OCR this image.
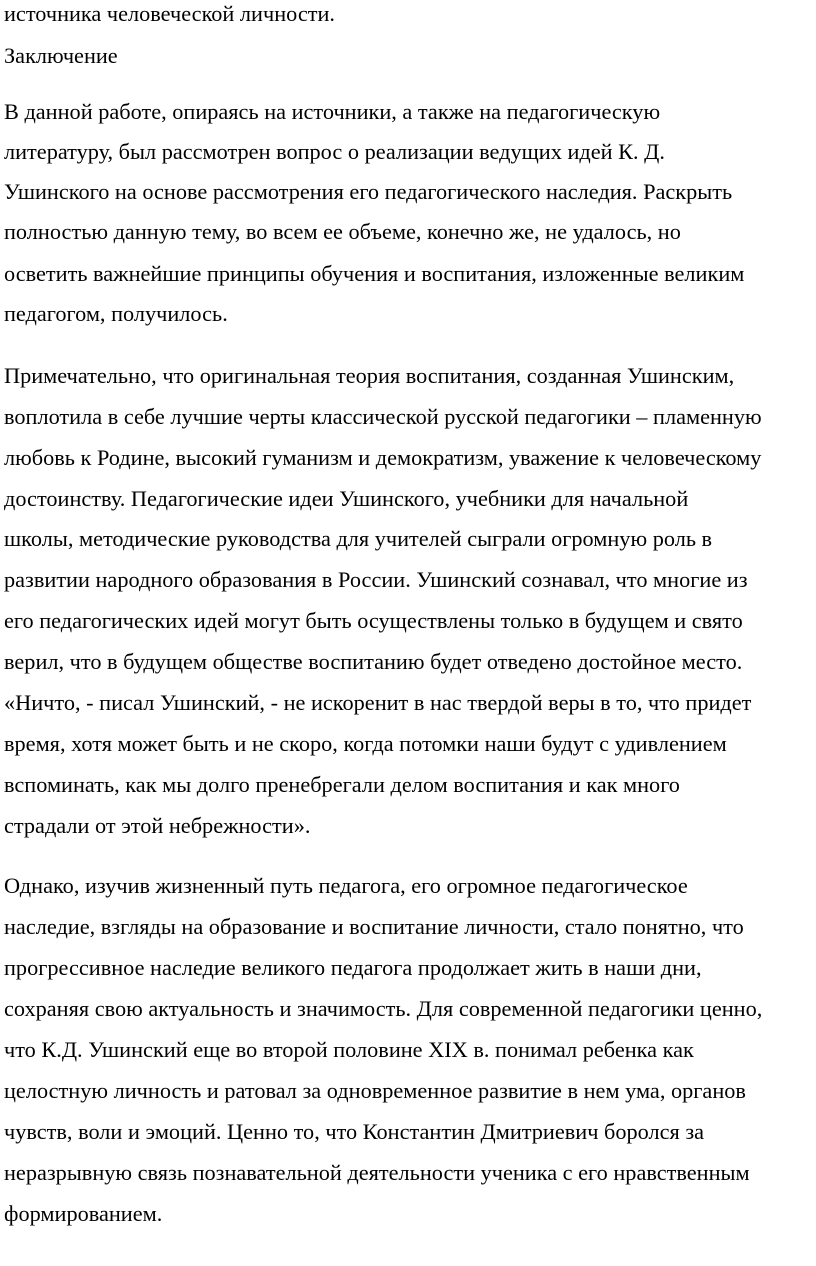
источника человеческой личности.
Заключение
В данной работе, опираясь на источники, а также на педагогическую
литературу, был рассмотрен вопрос о реализации ведущих идей К. Д.
Ушинского на основе рассмотрения его педагогического наследия. Раскрыть
полностью данную тему, во всем ее объеме, конечно же, не удалось, но
осветить важнейшие принципы обучения и воспитания, изложенные великим
педагогом, получилось.
Примечательно, что оригинальная теория воспитания, созданная Ушинским,
воплотила в себе лучшие черты классической русской педагогики – пламенную
любовь к Родине, высокий гуманизм и демократизм, уважение к человеческому
достоинству. Педагогические идеи Ушинского, учебники для начальной
школы, методические руководства для учителей сыграли огромную роль в
развитии народного образования в России. Ушинский сознавал, что многие из
его педагогических идей могут быть осуществлены только в будущем и свято
верил, что в будущем обществе воспитанию будет отведено достойное место.
«Ничто, - писал Ушинский, - не искоренит в нас твердой веры в то, что придет
время, хотя может быть и не скоро, когда потомки наши будут с удивлением
вспоминать, как мы долго пренебрегали делом воспитания и как много
страдали от этой небрежности».
Однако, изучив жизненный путь педагога, его огромное педагогическое
наследие, взгляды на образование и воспитание личности, стало понятно, что
прогрессивное наследие великого педагога продолжает жить в наши дни,
сохраняя свою актуальность и значимость. Для современной педагогики ценно,
что К.Д. Ушинский еще во второй половине XIX в. понимал ребенка как
целостную личность и ратовал за одновременное развитие в нем ума, органов
чувств, воли и эмоций. Ценно то, что Константин Дмитриевич боролся за
неразрывную связь познавательной деятельности ученика с его нравственным
формированием.
